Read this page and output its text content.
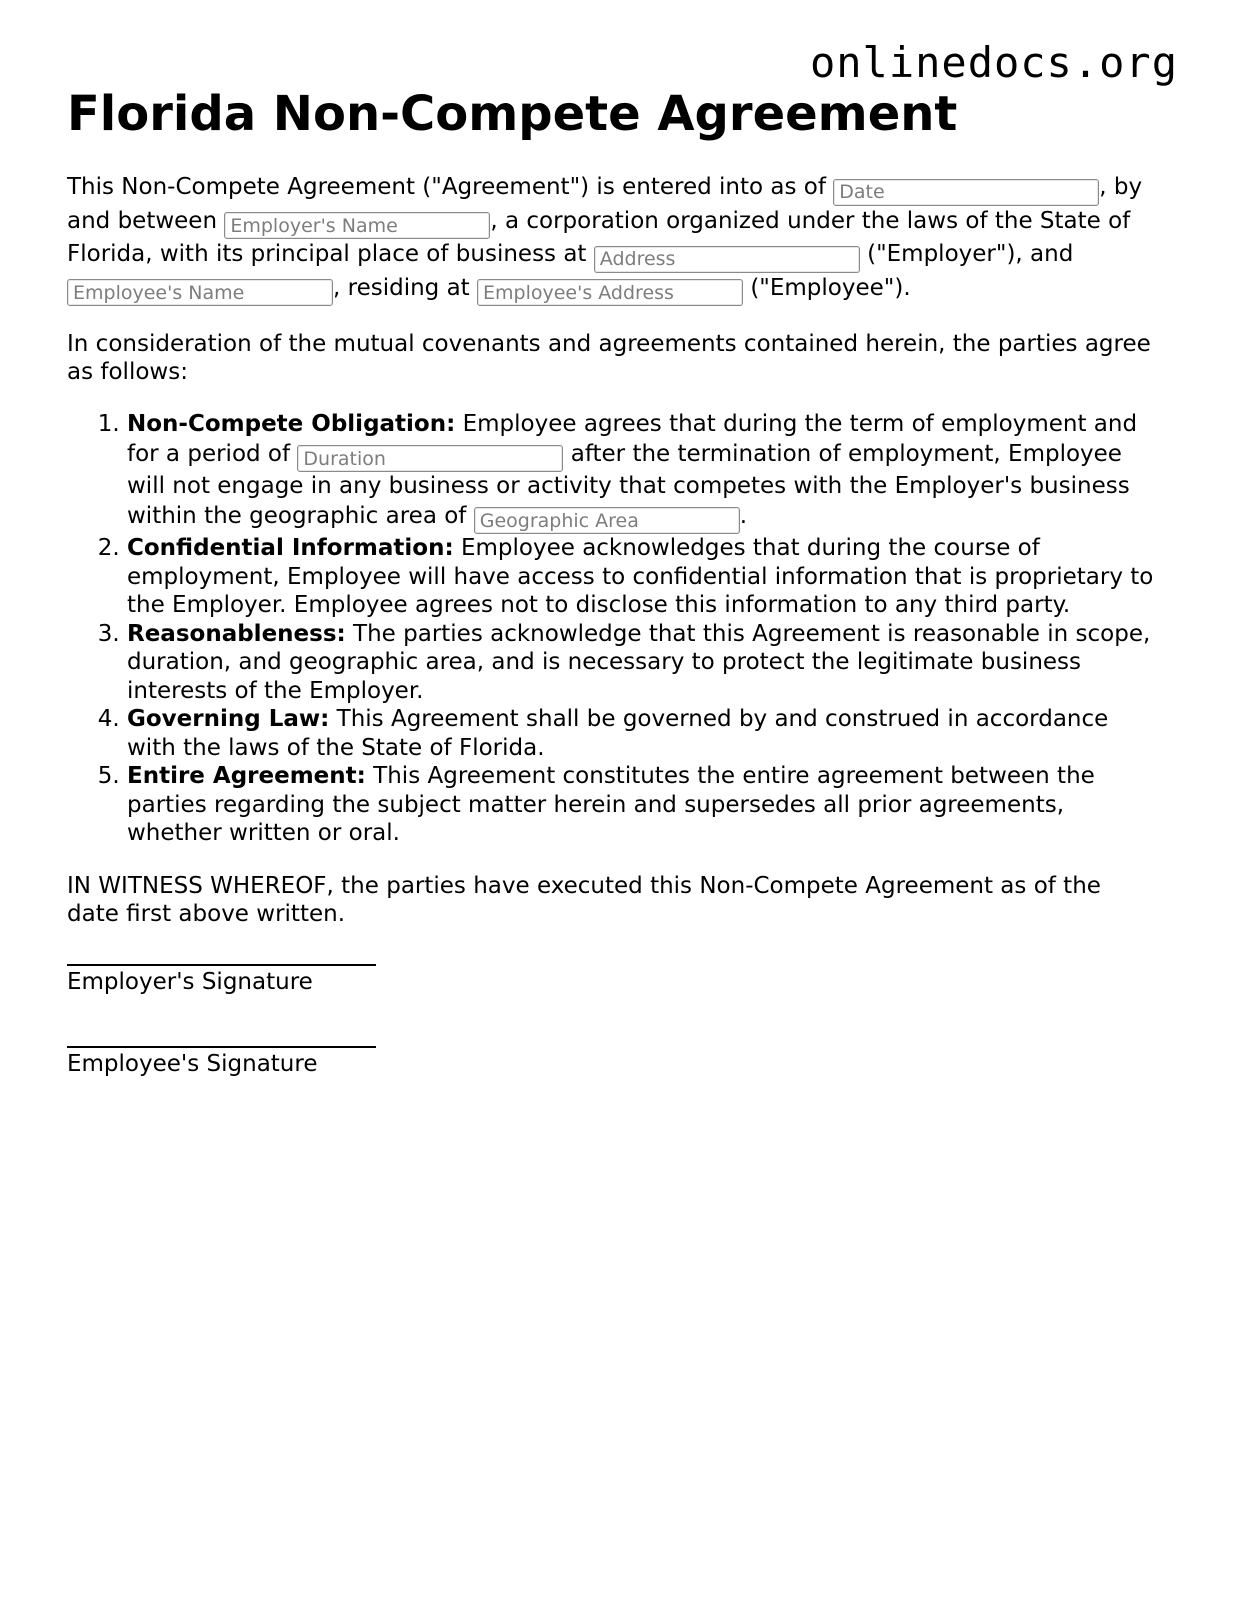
onlinedocs.org
Florida Non-Compete Agreement

This Non-Compete Agreement ("Agreement") is entered into as of Date	, by and between Employer's Name	, a corporation organized under the laws of the State of Florida, with its principal place of business at Address	("Employer"), and Employee's Name, residing at Employee's Address	("Employee").

In consideration of the mutual covenants and agreements contained herein, the parties agree as follows:

1. Non-Compete Obligation: Employee agrees that during the term of employment and for a period of Duration	after the termination of employment, Employee will not engage in any business or activity that competes with the Employer's business within the geographic area of Geographic Area	.
2. Confidential Information: Employee acknowledges that during the course of employment, Employee will have access to confidential information that is proprietary to the Employer. Employee agrees not to disclose this information to any third party.
3. Reasonableness: The parties acknowledge that this Agreement is reasonable in scope, duration, and geographic area, and is necessary to protect the legitimate business interests of the Employer.
4. Governing Law: This Agreement shall be governed by and construed in accordance with the laws of the State of Florida.
5. Entire Agreement: This Agreement constitutes the entire agreement between the parties regarding the subject matter herein and supersedes all prior agreements, whether written or oral.

IN WITNESS WHEREOF, the parties have executed this Non-Compete Agreement as of the date first above written.

Employer's Signature
Employee's Signature
